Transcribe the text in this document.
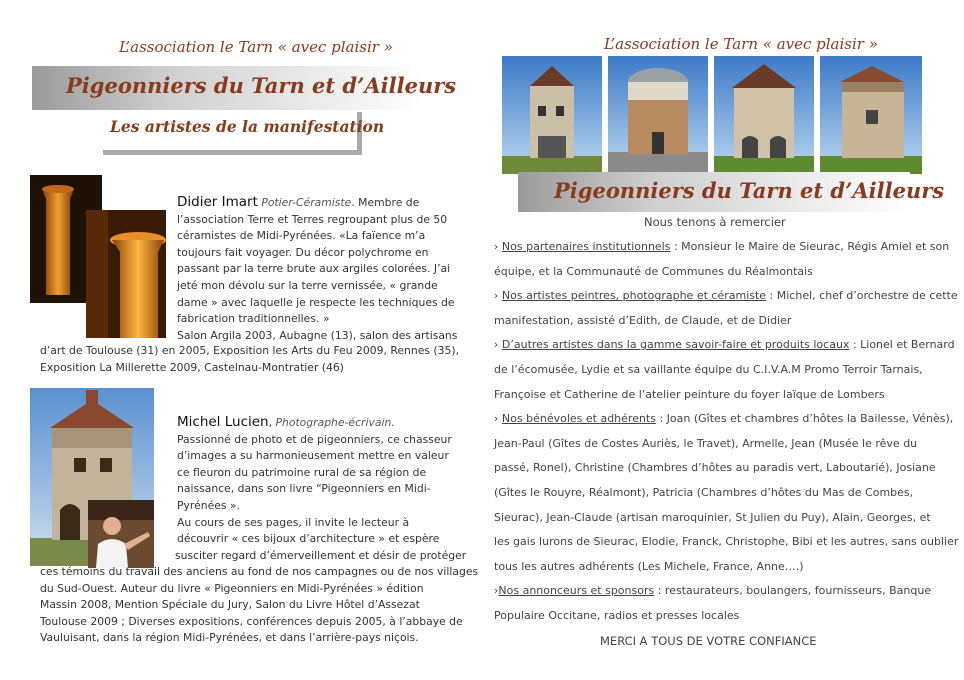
L’association le Tarn « avec plaisir »
Pigeonniers du Tarn et d’Ailleurs
Les artistes de la manifestation
Didier Imart Potier-Céramiste. Membre de
l’association Terre et Terres regroupant plus de 50
céramistes de Midi-Pyrénées. «La faïence m’a
toujours fait voyager. Du décor polychrome en
passant par la terre brute aux argiles colorées. J’ai
jeté mon dévolu sur la terre vernissée, « grande
dame » avec laquelle je respecte les techniques de
fabrication traditionnelles. »
Salon Argila 2003, Aubagne (13), salon des artisans
d’art de Toulouse (31) en 2005, Exposition les Arts du Feu 2009, Rennes (35),
Exposition La Millerette 2009, Castelnau-Montratier (46)
Michel Lucien, Photographe-écrivain.
Passionné de photo et de pigeonniers, ce chasseur
d’images a su harmonieusement mettre en valeur
ce fleuron du patrimoine rural de sa région de
naissance, dans son livre “Pigeonniers en Midi-
Pyrénées ».
Au cours de ses pages, il invite le lecteur à
découvrir « ces bijoux d’architecture » et espère
susciter regard d’émerveillement et désir de protéger
ces témoins du travail des anciens au fond de nos campagnes ou de nos villages
du Sud-Ouest. Auteur du livre « Pigeonniers en Midi-Pyrénées » édition
Massin 2008, Mention Spéciale du Jury, Salon du Livre Hôtel d’Assezat
Toulouse 2009 ; Diverses expositions, conférences depuis 2005, à l’abbaye de
Vauluisant, dans la région Midi-Pyrénées, et dans l’arrière-pays niçois.
L’association le Tarn « avec plaisir »
Pigeonniers du Tarn et d’Ailleurs
Nous tenons à remercier
› Nos partenaires institutionnels : Monsieur le Maire de Sieurac, Régis Amiel et son
équipe, et la Communauté de Communes du Réalmontais
› Nos artistes peintres, photographe et céramiste : Michel, chef d’orchestre de cette
manifestation, assisté d’Edith, de Claude, et de Didier
› D’autres artistes dans la gamme savoir-faire et produits locaux : Lionel et Bernard
de l’écomusée, Lydie et sa vaillante équipe du C.I.V.A.M Promo Terroir Tarnais,
Françoise et Catherine de l’atelier peinture du foyer laïque de Lombers
› Nos bénévoles et adhérents : Joan (Gîtes et chambres d’hôtes la Bailesse, Vénès),
Jean-Paul (Gîtes de Costes Auriès, le Travet), Armelle, Jean (Musée le rêve du
passé, Ronel), Christine (Chambres d’hôtes au paradis vert, Laboutarié), Josiane
(Gîtes le Rouyre, Réalmont), Patricia (Chambres d’hôtes du Mas de Combes,
Sieurac), Jean-Claude (artisan maroquinier, St Julien du Puy), Alain, Georges, et
les gais lurons de Sieurac, Elodie, Franck, Christophe, Bibi et les autres, sans oublier
tous les autres adhérents (Les Michele, France, Anne….)
›Nos annonceurs et sponsors : restaurateurs, boulangers, fournisseurs, Banque
Populaire Occitane, radios et presses locales
MERCI A TOUS DE VOTRE CONFIANCE
